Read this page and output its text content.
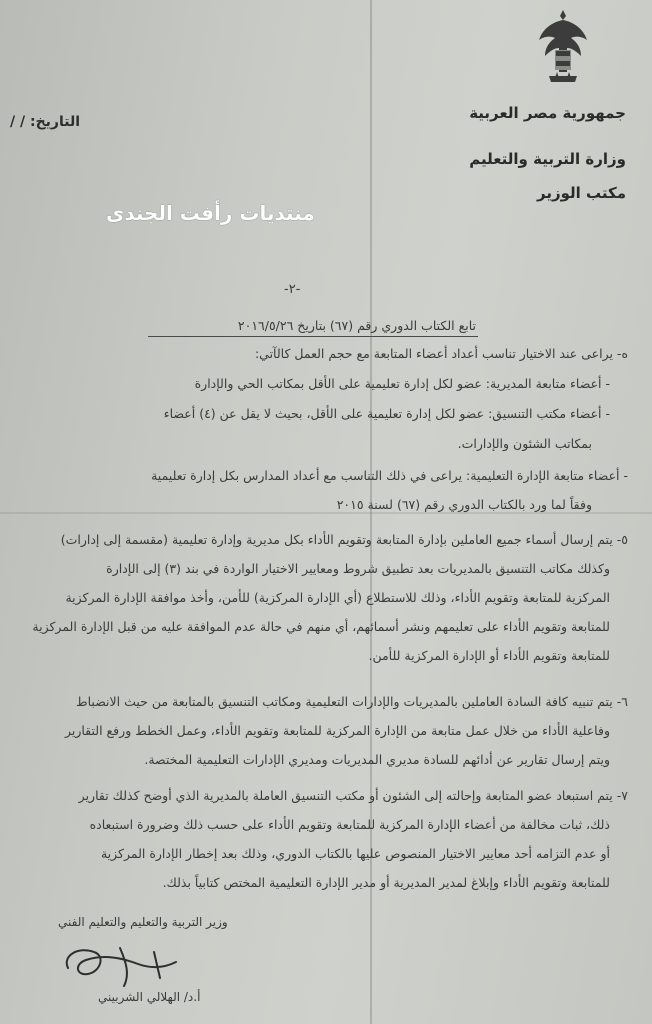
جمهورية مصر العربية
وزارة التربية والتعليم
مكتب الوزير
التاريخ: / /
منتديات رأفت الجندى
-٢-
تابع الكتاب الدوري رقم (٦٧) بتاريخ ٢٠١٦/٥/٢٦
ه- يراعى عند الاختيار تناسب أعداد أعضاء المتابعة مع حجم العمل كالآتي:
- أعضاء متابعة المديرية: عضو لكل إدارة تعليمية على الأقل بمكاتب الحي والإدارة
- أعضاء مكتب التنسيق: عضو لكل إدارة تعليمية على الأقل، بحيث لا يقل عن (٤) أعضاء
بمكاتب الشئون والإدارات.
- أعضاء متابعة الإدارة التعليمية: يراعى في ذلك التناسب مع أعداد المدارس بكل إدارة تعليمية
وفقاً لما ورد بالكتاب الدوري رقم (٦٧) لسنة ٢٠١٥
٥- يتم إرسال أسماء جميع العاملين بإدارة المتابعة وتقويم الأداء بكل مديرية وإدارة تعليمية (مقسمة إلى إدارات)
وكذلك مكاتب التنسيق بالمديريات بعد تطبيق شروط ومعايير الاختيار الواردة في بند (٣) إلى الإدارة
المركزية للمتابعة وتقويم الأداء، وذلك للاستطلاع (أي الإدارة المركزية) للأمن، وأخذ موافقة الإدارة المركزية
للمتابعة وتقويم الأداء على تعليمهم ونشر أسمائهم، أي منهم في حالة عدم الموافقة عليه من قبل الإدارة المركزية
للمتابعة وتقويم الأداء أو الإدارة المركزية للأمن.
٦- يتم تنبيه كافة السادة العاملين بالمديريات والإدارات التعليمية ومكاتب التنسيق بالمتابعة من حيث الانضباط
وفاعلية الأداء من خلال عمل متابعة من الإدارة المركزية للمتابعة وتقويم الأداء، وعمل الخطط ورفع التقارير
ويتم إرسال تقارير عن أدائهم للسادة مديري المديريات ومديري الإدارات التعليمية المختصة.
٧- يتم استبعاد عضو المتابعة وإحالته إلى الشئون أو مكتب التنسيق العاملة بالمديرية الذي أوضح كذلك تقارير
ذلك، ثبات مخالفة من أعضاء الإدارة المركزية للمتابعة وتقويم الأداء على حسب ذلك وضرورة استبعاده
أو عدم التزامه أحد معايير الاختيار المنصوص عليها بالكتاب الدوري، وذلك بعد إخطار الإدارة المركزية
للمتابعة وتقويم الأداء وإبلاغ لمدير المديرية أو مدير الإدارة التعليمية المختص كتابياً بذلك.
وزير التربية والتعليم والتعليم الفني
أ.د/ الهلالي الشربيني
